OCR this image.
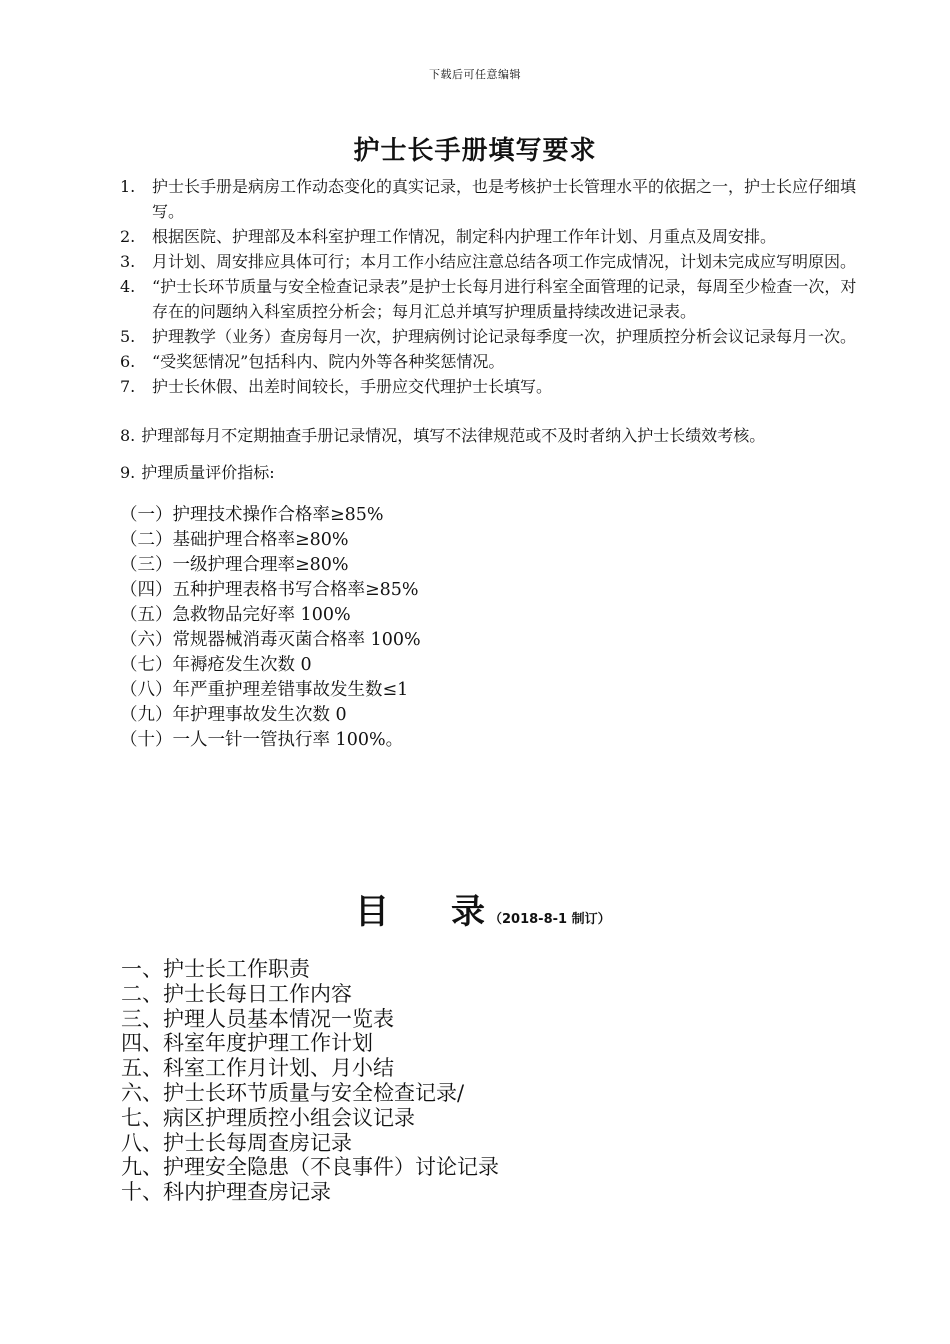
下载后可任意编辑
护士长手册填写要求
1. 护士长手册是病房工作动态变化的真实记录，也是考核护士长管理水平的依据之一，护士长应仔细填写。
2. 根据医院、护理部及本科室护理工作情况，制定科内护理工作年计划、月重点及周安排。
3. 月计划、周安排应具体可行；本月工作小结应注意总结各项工作完成情况，计划未完成应写明原因。
4. “护士长环节质量与安全检查记录表”是护士长每月进行科室全面管理的记录，每周至少检查一次，对存在的问题纳入科室质控分析会；每月汇总并填写护理质量持续改进记录表。
5. 护理教学（业务）查房每月一次，护理病例讨论记录每季度一次，护理质控分析会议记录每月一次。
6. “受奖惩情况”包括科内、院内外等各种奖惩情况。
7. 护士长休假、出差时间较长，手册应交代理护士长填写。
8. 护理部每月不定期抽查手册记录情况，填写不法律规范或不及时者纳入护士长绩效考核。
9. 护理质量评价指标:
（一）护理技术操作合格率≥85%
（二）基础护理合格率≥80%
（三）一级护理合理率≥80%
（四）五种护理表格书写合格率≥85%
（五）急救物品完好率 100%
（六）常规器械消毒灭菌合格率 100%
（七）年褥疮发生次数 0
（八）年严重护理差错事故发生数≤1
（九）年护理事故发生次数 0
（十）一人一针一管执行率 100%。
目 录 （2018-8-1 制订）
一、护士长工作职责
二、护士长每日工作内容
三、护理人员基本情况一览表
四、科室年度护理工作计划
五、科室工作月计划、月小结
六、护士长环节质量与安全检查记录/
七、病区护理质控小组会议记录
八、护士长每周查房记录
九、护理安全隐患（不良事件）讨论记录
十、科内护理查房记录
